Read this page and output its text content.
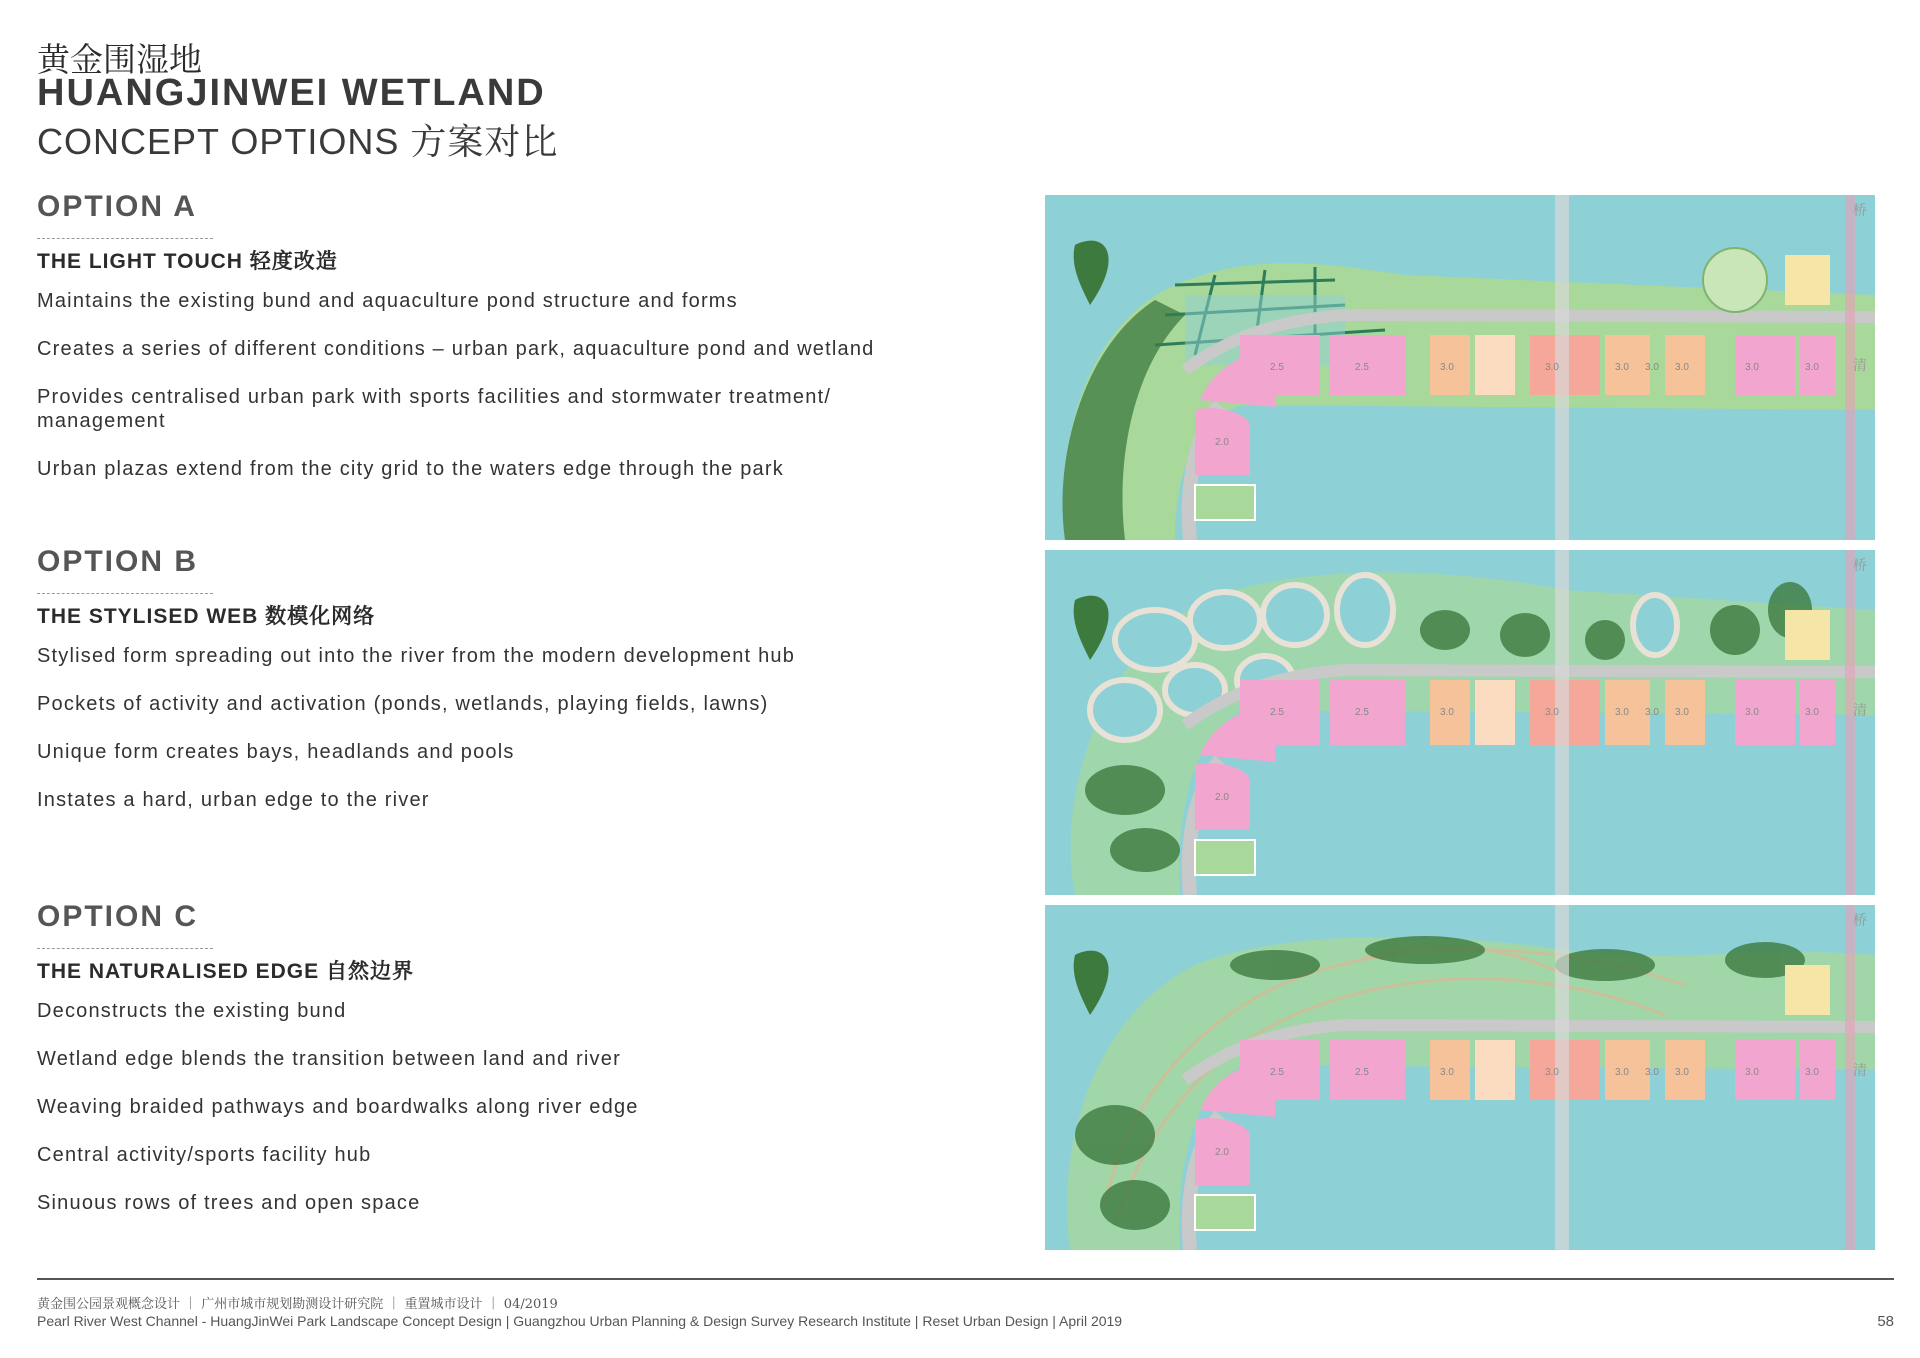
黄金围湿地
HUANGJINWEI WETLAND
CONCEPT OPTIONS 方案对比
OPTION A
THE LIGHT TOUCH 轻度改造
Maintains the existing bund and aquaculture pond structure and forms
Creates a series of different conditions – urban park, aquaculture pond and wetland
Provides centralised urban park with sports facilities and stormwater treatment/ management
Urban plazas extend from the city grid to the waters edge through the park
OPTION B
THE STYLISED WEB 数模化网络
Stylised form spreading out into the river from the modern development hub
Pockets of activity and activation (ponds, wetlands, playing fields, lawns)
Unique form creates bays, headlands and pools
Instates a hard, urban edge to the river
OPTION C
THE NATURALISED EDGE 自然边界
Deconstructs the existing bund
Wetland edge blends the transition between land and river
Weaving braided pathways and boardwalks along river edge
Central activity/sports facility hub
Sinuous rows of trees and open space
2.5	2.5	3.0	3.0	3.0 3.0 3.0	3.0	3.0
2.0
桥
清
2.5	2.5	3.0	3.0	3.0 3.0 3.0	3.0	3.0
2.0
桥
清
2.5	2.5	3.0	3.0	3.0 3.0 3.0	3.0	3.0
2.0
桥
清
黄金围公园景观概念设计 ｜ 广州市城市规划勘测设计研究院 ｜ 重置城市设计 ｜ 04/2019
Pearl River West Channel - HuangJinWei Park Landscape Concept Design | Guangzhou Urban Planning & Design Survey Research Institute | Reset Urban Design | April 2019	58
